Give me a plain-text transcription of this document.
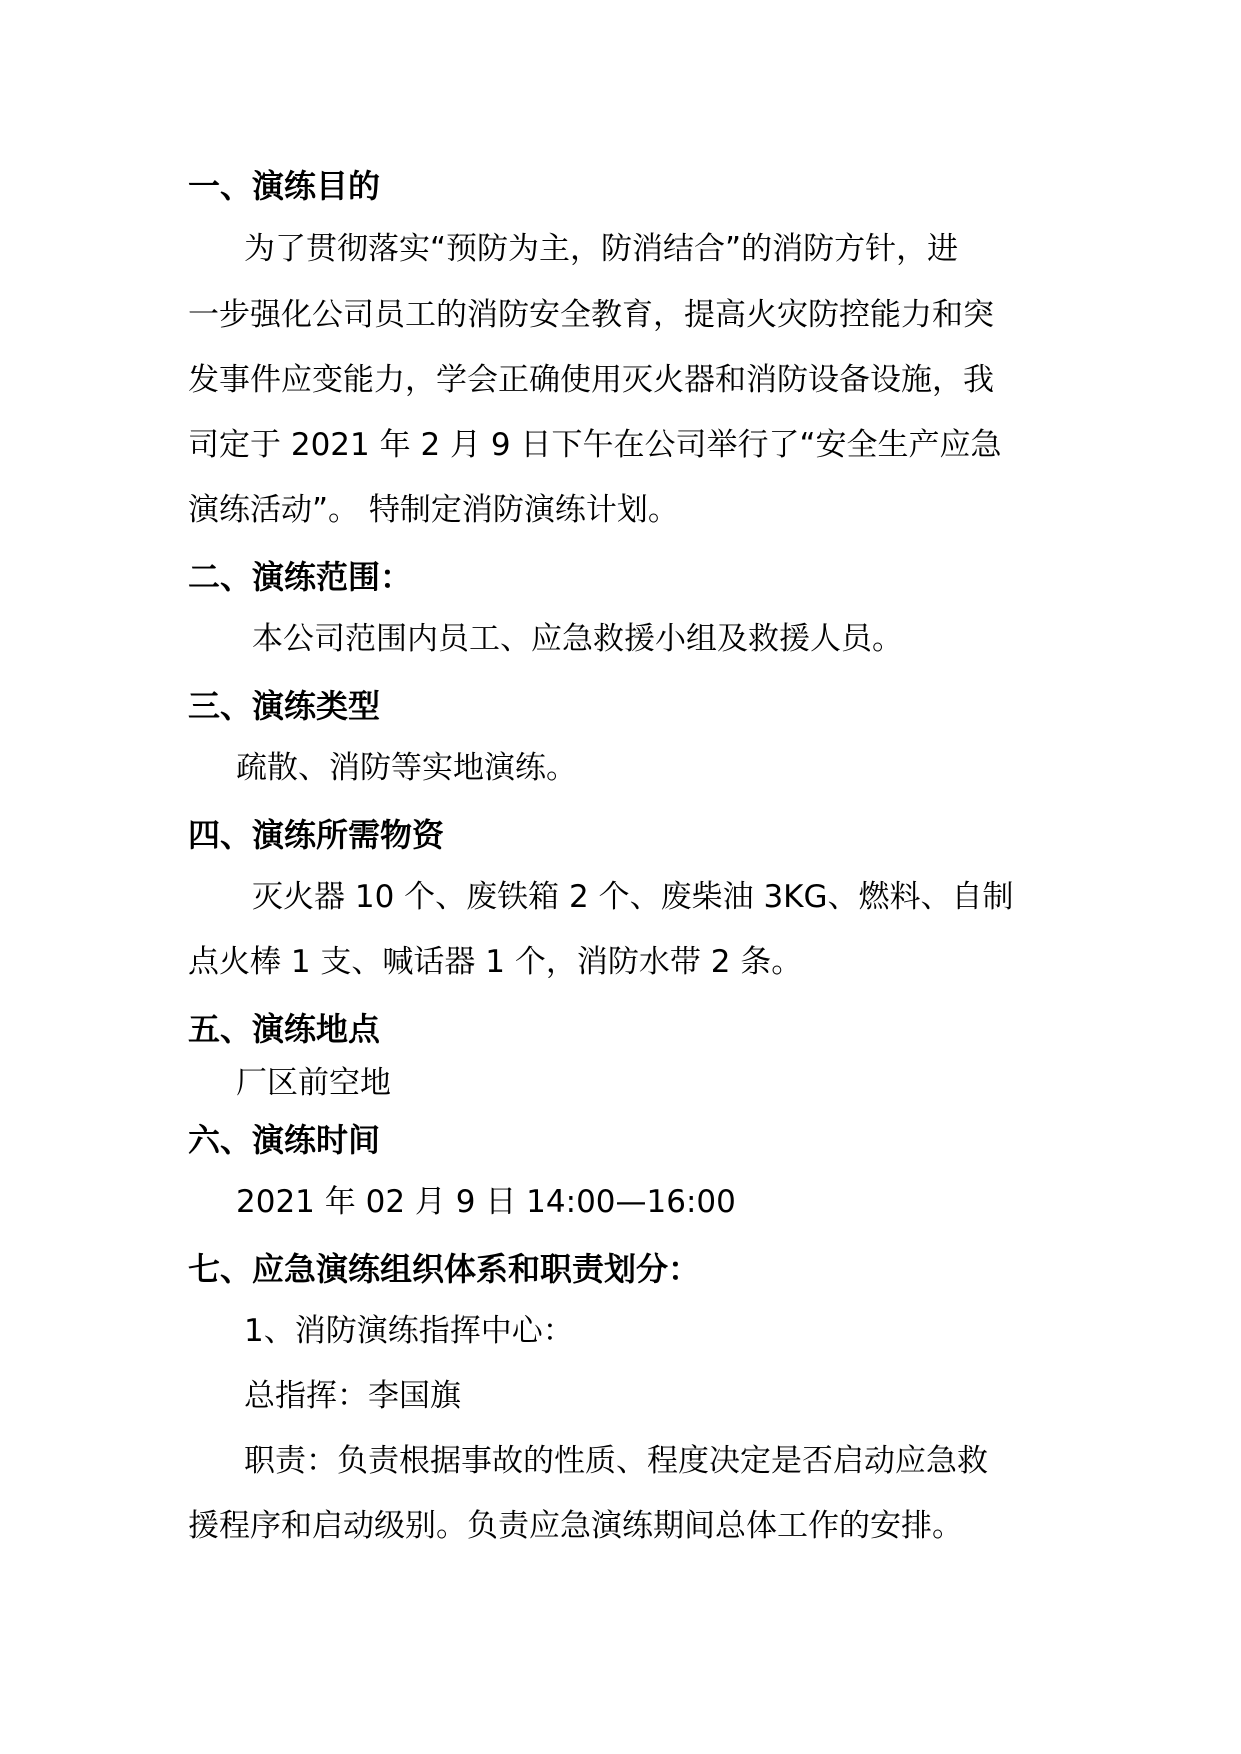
一、演练目的
为了贯彻落实“预防为主，防消结合”的消防方针，进
一步强化公司员工的消防安全教育，提高火灾防控能力和突
发事件应变能力，学会正确使用灭火器和消防设备设施，我
司定于 2021 年 2 月 9 日下午在公司举行了“安全生产应急
演练活动”。 特制定消防演练计划。
二、演练范围：
本公司范围内员工、应急救援小组及救援人员。
三、演练类型
疏散、消防等实地演练。
四、演练所需物资
灭火器 10 个、废铁箱 2 个、废柴油 3KG、燃料、自制
点火棒 1 支、喊话器 1 个，消防水带 2 条。
五、演练地点
厂区前空地
六、演练时间
2021 年 02 月 9 日 14:00—16:00
七、应急演练组织体系和职责划分：
1、消防演练指挥中心：
总指挥：李国旗
职责：负责根据事故的性质、程度决定是否启动应急救
援程序和启动级别。负责应急演练期间总体工作的安排。
